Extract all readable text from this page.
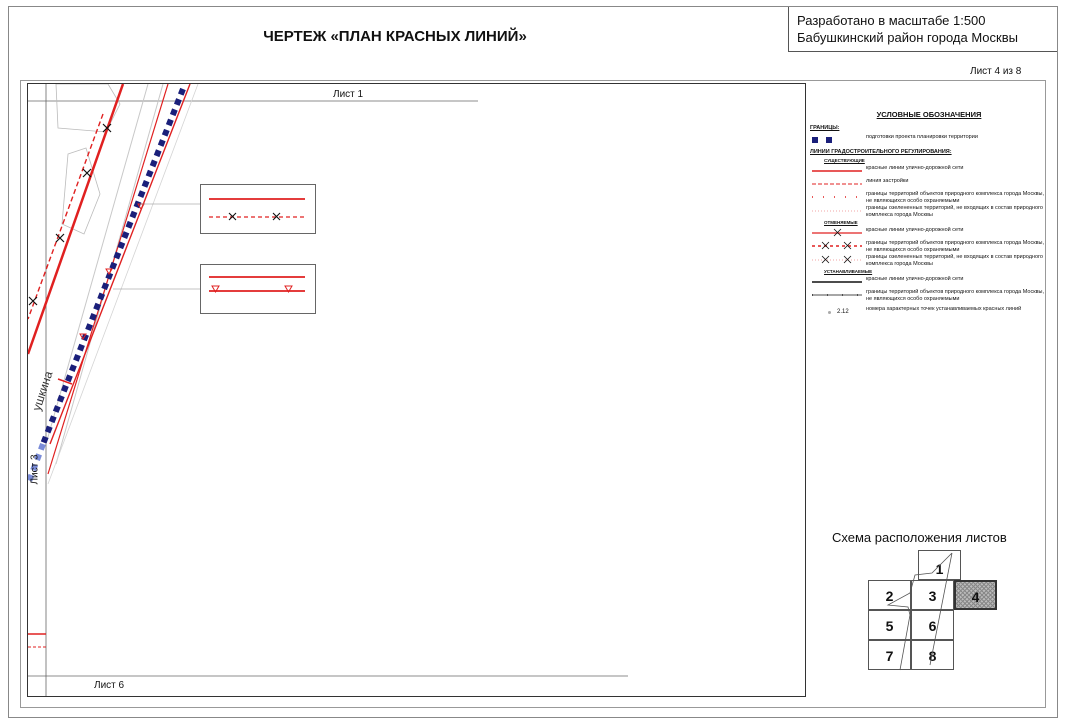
ЧЕРТЕЖ «ПЛАН КРАСНЫХ ЛИНИЙ»
Разработано в масштабе 1:500
Бабушкинский район города Москвы
Лист 4 из 8
Лист 1
Лист 3
Лист 6
ушкина
УСЛОВНЫЕ ОБОЗНАЧЕНИЯ
ГРАНИЦЫ:
подготовки проекта планировки территории
ЛИНИИ ГРАДОСТРОИТЕЛЬНОГО РЕГУЛИРОВАНИЯ:
СУЩЕСТВУЮЩИЕ
красные линии улично-дорожной сети
линия застройки
границы территорий объектов природного комплекса города Москвы, не являющихся особо охраняемыми
границы озелененных территорий, не входящих в состав природного комплекса города Москвы
ОТМЕНЯЕМЫЕ
красные линии улично-дорожной сети
границы территорий объектов природного комплекса города Москвы, не являющихся особо охраняемыми
границы озелененных территорий, не входящих в состав природного комплекса города Москвы
УСТАНАВЛИВАЕМЫЕ
красные линии улично-дорожной сети
границы территорий объектов природного комплекса города Москвы, не являющихся особо охраняемыми
2.12	номера характерных точек устанавливаемых красных линий
Схема расположения листов
1
2	3	4
5	6
7	8
